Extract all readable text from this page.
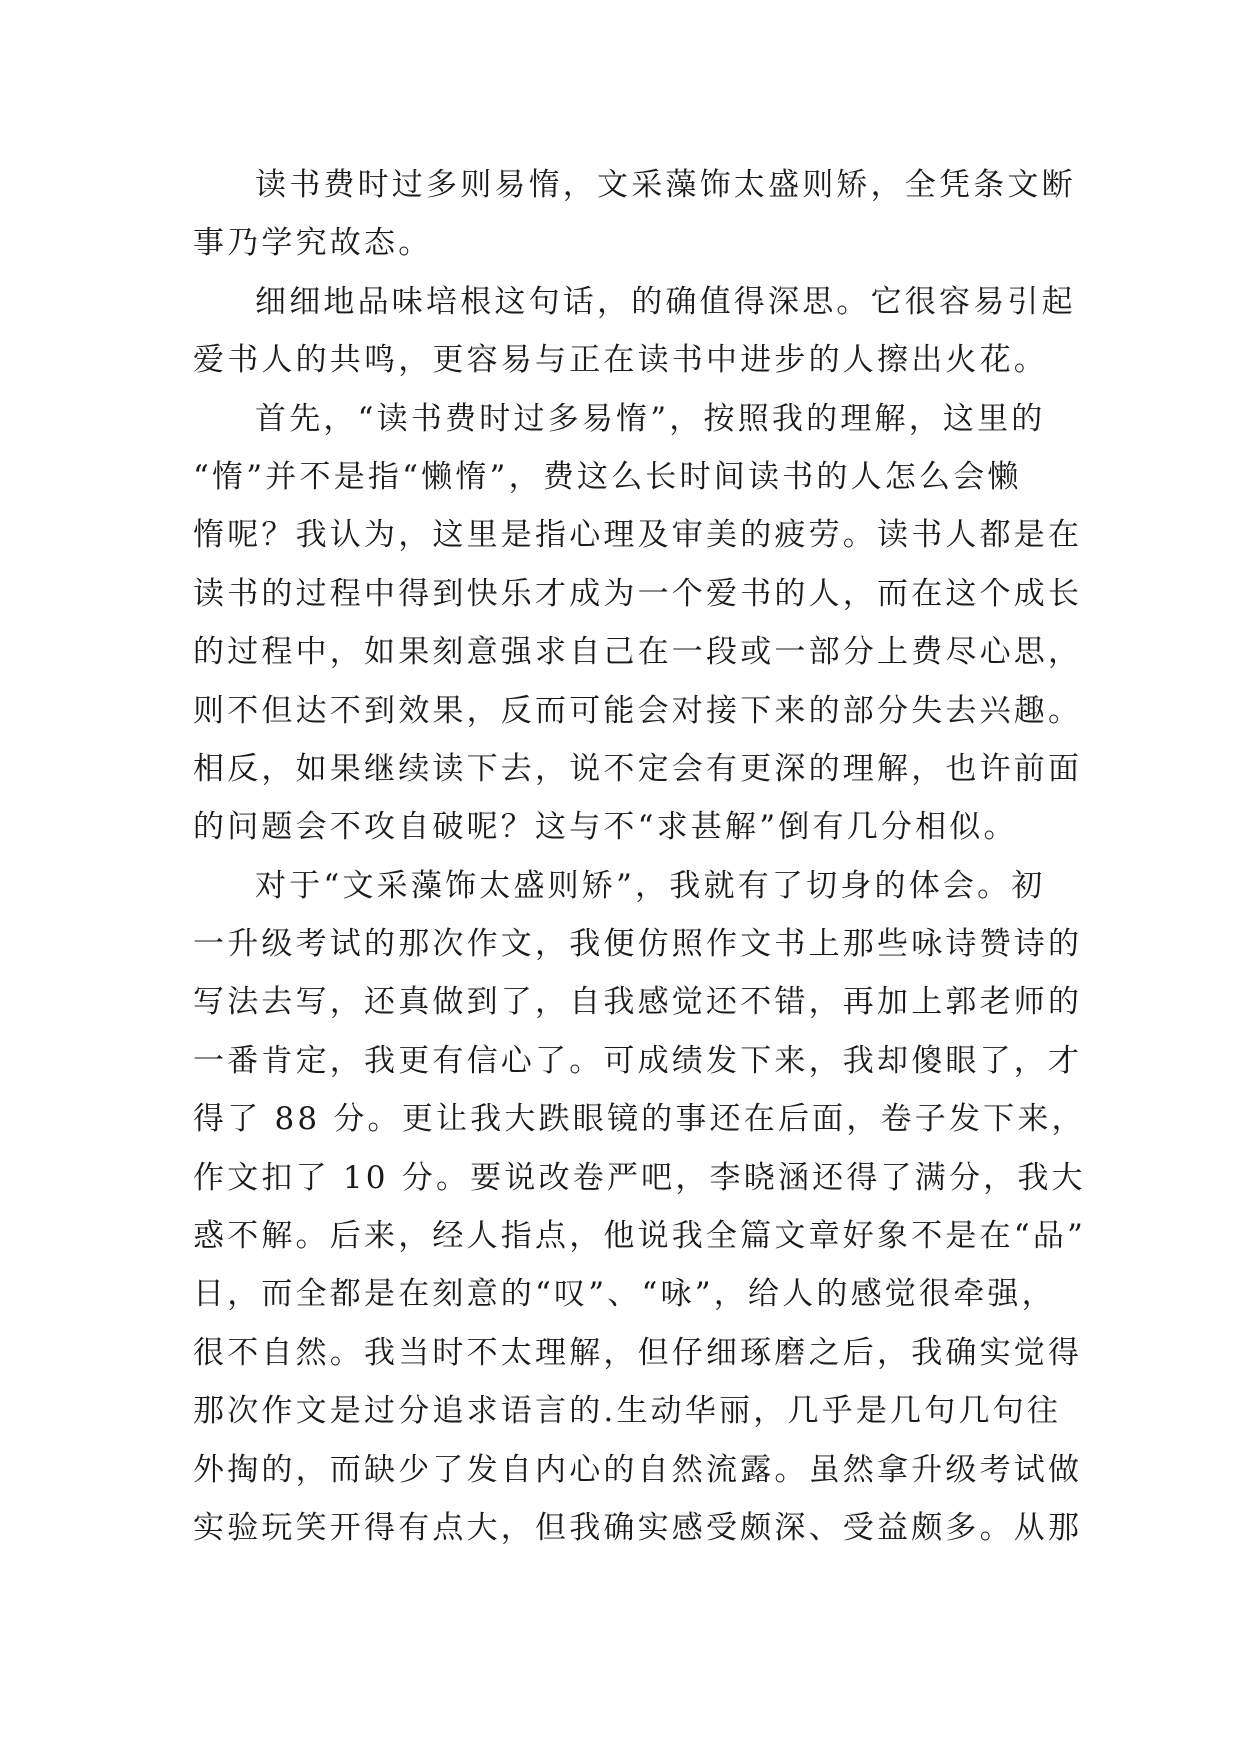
读书费时过多则易惰，文采藻饰太盛则矫，全凭条文断
事乃学究故态。
细细地品味培根这句话，的确值得深思。它很容易引起
爱书人的共鸣，更容易与正在读书中进步的人擦出火花。
首先，“读书费时过多易惰”，按照我的理解，这里的
“惰”并不是指“懒惰”，费这么长时间读书的人怎么会懒
惰呢？我认为，这里是指心理及审美的疲劳。读书人都是在
读书的过程中得到快乐才成为一个爱书的人，而在这个成长
的过程中，如果刻意强求自己在一段或一部分上费尽心思，
则不但达不到效果，反而可能会对接下来的部分失去兴趣。
相反，如果继续读下去，说不定会有更深的理解，也许前面
的问题会不攻自破呢？这与不“求甚解”倒有几分相似。
对于“文采藻饰太盛则矫”，我就有了切身的体会。初
一升级考试的那次作文，我便仿照作文书上那些咏诗赞诗的
写法去写，还真做到了，自我感觉还不错，再加上郭老师的
一番肯定，我更有信心了。可成绩发下来，我却傻眼了，才
得了 88 分。更让我大跌眼镜的事还在后面，卷子发下来，
作文扣了 10 分。要说改卷严吧，李晓涵还得了满分，我大
惑不解。后来，经人指点，他说我全篇文章好象不是在“品”
日，而全都是在刻意的“叹”、“咏”，给人的感觉很牵强，
很不自然。我当时不太理解，但仔细琢磨之后，我确实觉得
那次作文是过分追求语言的.生动华丽，几乎是几句几句往
外掏的，而缺少了发自内心的自然流露。虽然拿升级考试做
实验玩笑开得有点大，但我确实感受颇深、受益颇多。从那
